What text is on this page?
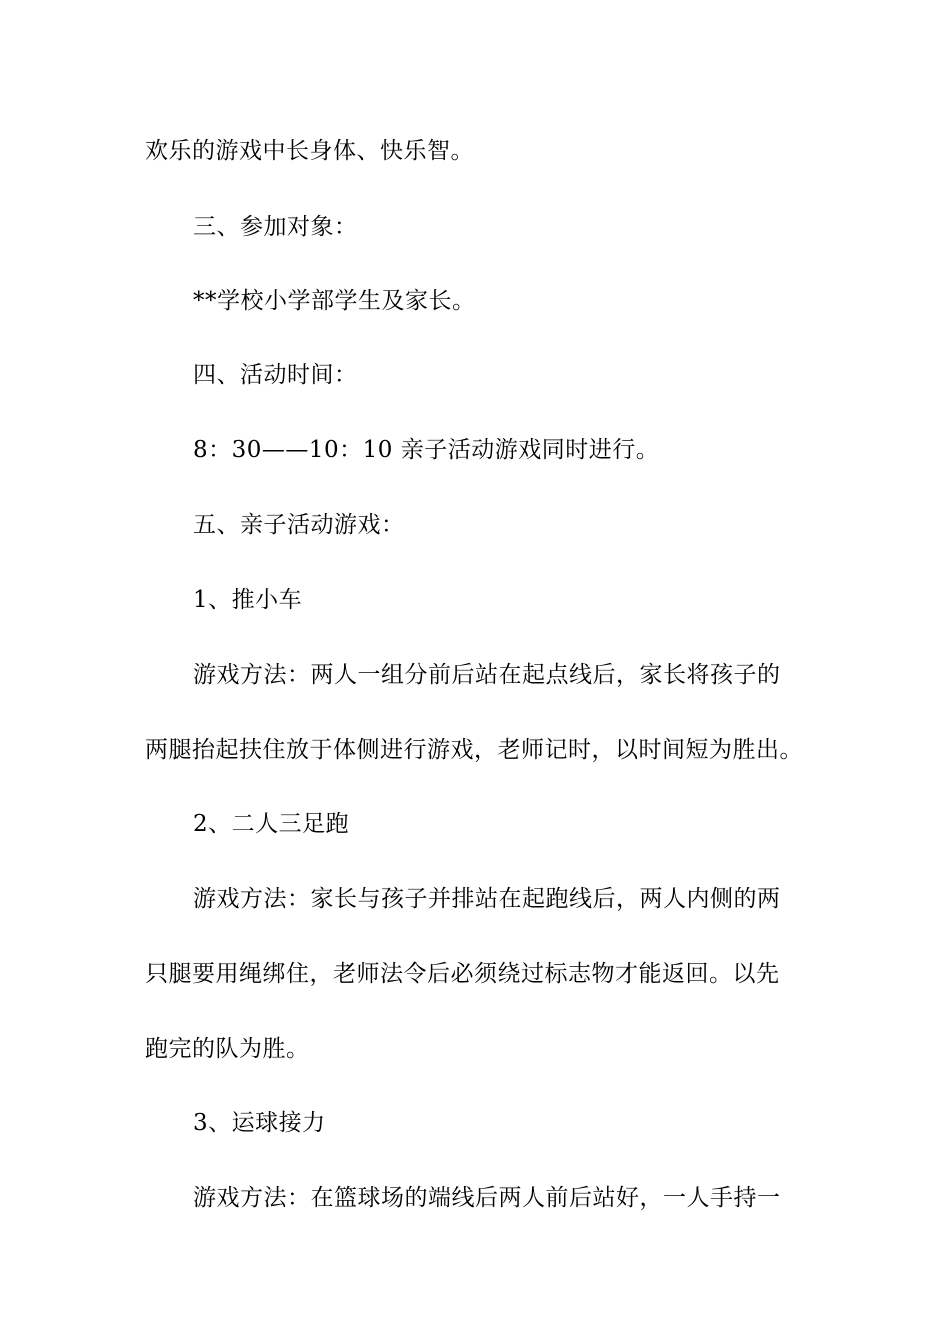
欢乐的游戏中长身体、快乐智。
三、参加对象：
**学校小学部学生及家长。
四、活动时间：
8：30——10：10 亲子活动游戏同时进行。
五、亲子活动游戏：
1、推小车
游戏方法：两人一组分前后站在起点线后，家长将孩子的
两腿抬起扶住放于体侧进行游戏，老师记时，以时间短为胜出。
2、二人三足跑
游戏方法：家长与孩子并排站在起跑线后，两人内侧的两
只腿要用绳绑住，老师法令后必须绕过标志物才能返回。以先
跑完的队为胜。
3、运球接力
游戏方法：在篮球场的端线后两人前后站好，一人手持一
